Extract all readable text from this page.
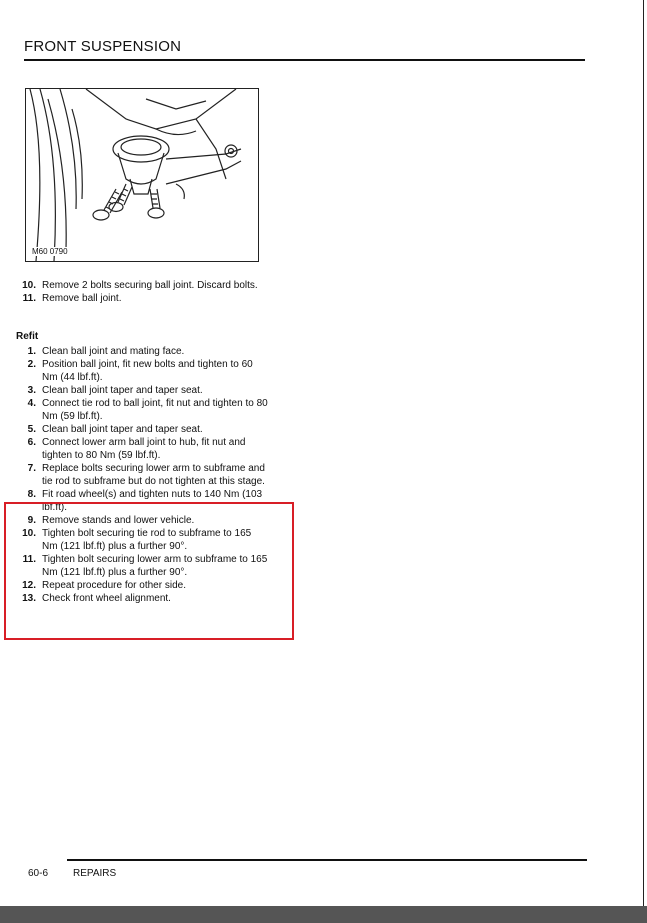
FRONT SUSPENSION
M60 0790
10. Remove 2 bolts securing ball joint. Discard bolts.
11. Remove ball joint.
Refit
1. Clean ball joint and mating face.
2. Position ball joint, fit new bolts and tighten to 60 Nm (44 lbf.ft).
3. Clean ball joint taper and taper seat.
4. Connect tie rod to ball joint, fit nut and tighten to 80 Nm (59 lbf.ft).
5. Clean ball joint taper and taper seat.
6. Connect lower arm ball joint to hub, fit nut and tighten to 80 Nm (59 lbf.ft).
7. Replace bolts securing lower arm to subframe and tie rod to subframe but do not tighten at this stage.
8. Fit road wheel(s) and tighten nuts to 140 Nm (103 lbf.ft).
9. Remove stands and lower vehicle.
10. Tighten bolt securing tie rod to subframe to 165 Nm (121 lbf.ft) plus a further 90°.
11. Tighten bolt securing lower arm to subframe to 165 Nm (121 lbf.ft) plus a further 90°.
12. Repeat procedure for other side.
13. Check front wheel alignment.
60-6 REPAIRS
